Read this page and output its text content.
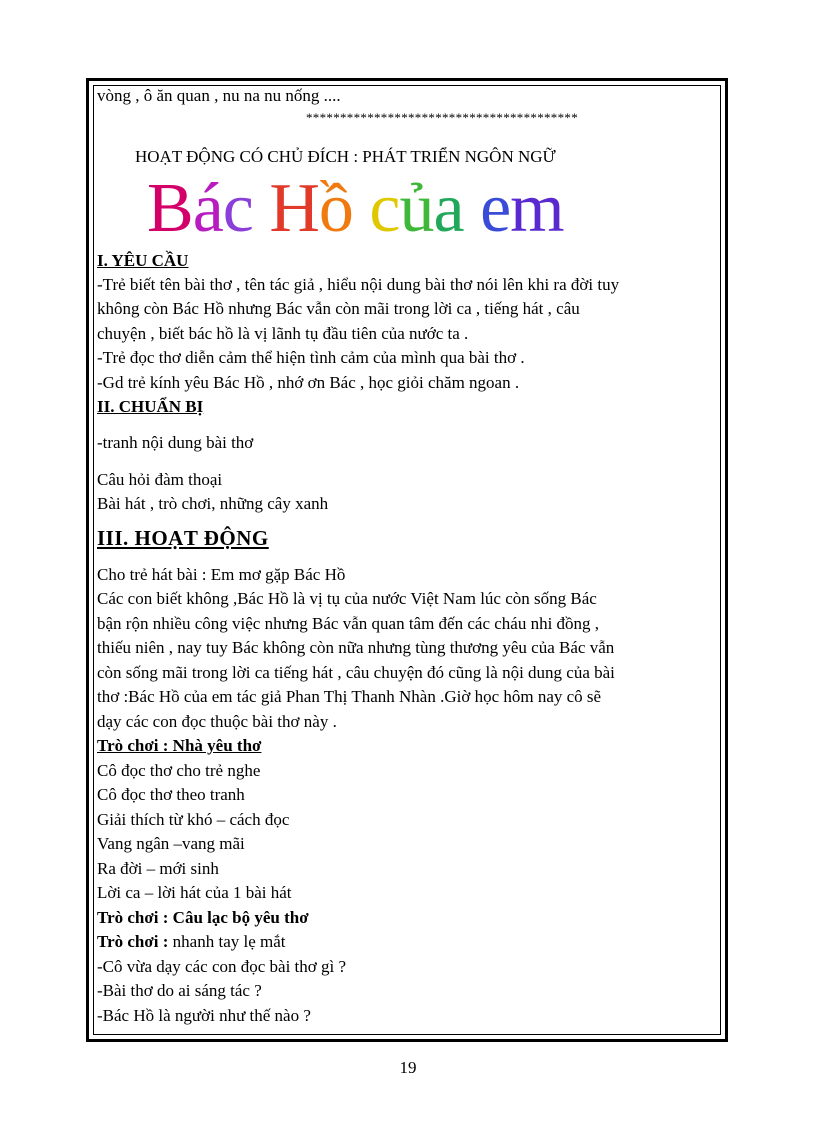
vòng , ô ăn quan , nu na nu nống ....

****************************************

HOẠT ĐỘNG CÓ CHỦ ĐÍCH : PHÁT TRIỂN NGÔN NGỮ

Bác Hồ của em

I. YÊU CẦU

-Trẻ biết tên bài thơ , tên tác giả , hiểu nội dung bài thơ nói lên khi ra đời tuy

không còn Bác Hồ nhưng Bác vẫn còn mãi trong lời ca , tiếng hát , câu

chuyện , biết bác hồ là vị lãnh tụ đầu tiên của nước ta .

-Trẻ đọc thơ diễn cảm thể hiện tình cảm của mình qua bài thơ .

-Gd trẻ kính yêu Bác Hồ , nhớ ơn Bác , học giỏi chăm ngoan .

II. CHUẨN BỊ

-tranh nội dung bài thơ

Câu hỏi đàm thoại

Bài hát , trò chơi, những cây xanh

III. HOẠT ĐỘNG

Cho trẻ hát bài : Em mơ gặp Bác Hồ

Các con biết không ,Bác Hồ là vị tụ của nước Việt Nam lúc còn sống Bác

bận rộn nhiều công việc nhưng Bác vẫn quan tâm đến các cháu nhi đồng ,

thiếu niên , nay tuy Bác không còn nữa nhưng tùng thương yêu của Bác vẫn

còn sống mãi trong lời ca tiếng hát , câu chuyện đó cũng là nội dung của bài

thơ :Bác Hồ của em tác giả Phan Thị Thanh Nhàn .Giờ học hôm nay cô sẽ

dạy các con đọc thuộc bài thơ này .

Trò chơi : Nhà yêu thơ

Cô đọc thơ cho trẻ nghe

Cô đọc thơ theo tranh

Giải thích từ khó – cách đọc

Vang ngân –vang mãi

Ra đời – mới sinh

Lời ca – lời hát của 1 bài hát

Trò chơi : Câu lạc bộ yêu thơ

Trò chơi : nhanh tay lẹ mắt

-Cô vừa dạy các con đọc bài thơ gì ?

-Bài thơ do ai sáng tác ?

-Bác Hồ là người như thế nào ?

19
